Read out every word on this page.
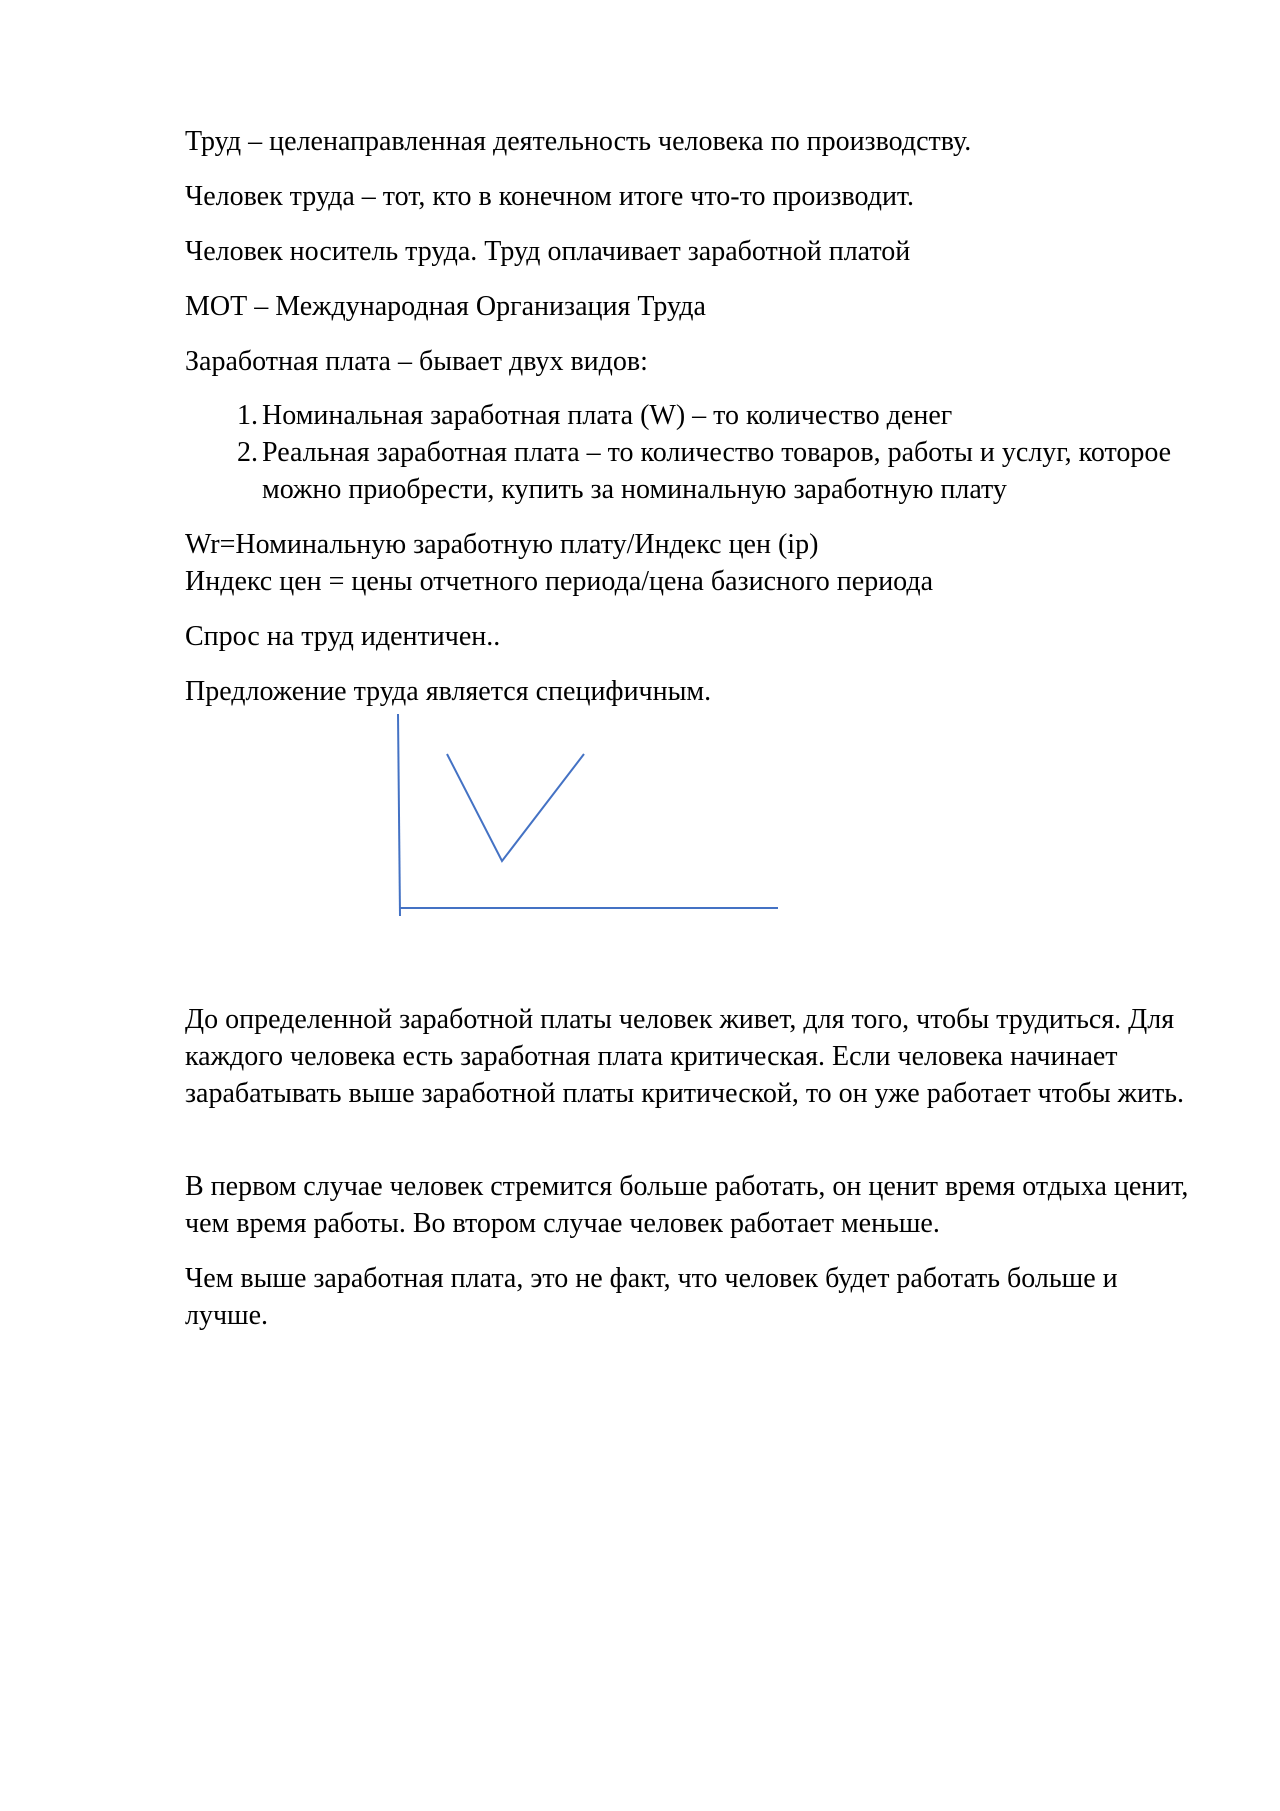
Труд – целенаправленная деятельность человека по производству.
Человек труда – тот, кто в конечном итоге что-то производит.
Человек носитель труда. Труд оплачивает заработной платой
МОТ – Международная Организация Труда
Заработная плата – бывает двух видов:
1. Номинальная заработная плата (W) – то количество денег
2. Реальная заработная плата – то количество товаров, работы и услуг, которое можно приобрести, купить за номинальную заработную плату
Wr=Номинальную заработную плату/Индекс цен (ip)
Индекс цен = цены отчетного периода/цена базисного периода
Спрос на труд идентичен..
Предложение труда является специфичным.
До определенной заработной платы человек живет, для того, чтобы трудиться. Для каждого человека есть заработная плата критическая. Если человека начинает зарабатывать выше заработной платы критической, то он уже работает чтобы жить.
В первом случае человек стремится больше работать, он ценит время отдыха ценит, чем время работы. Во втором случае человек работает меньше.
Чем выше заработная плата, это не факт, что человек будет работать больше и лучше.
